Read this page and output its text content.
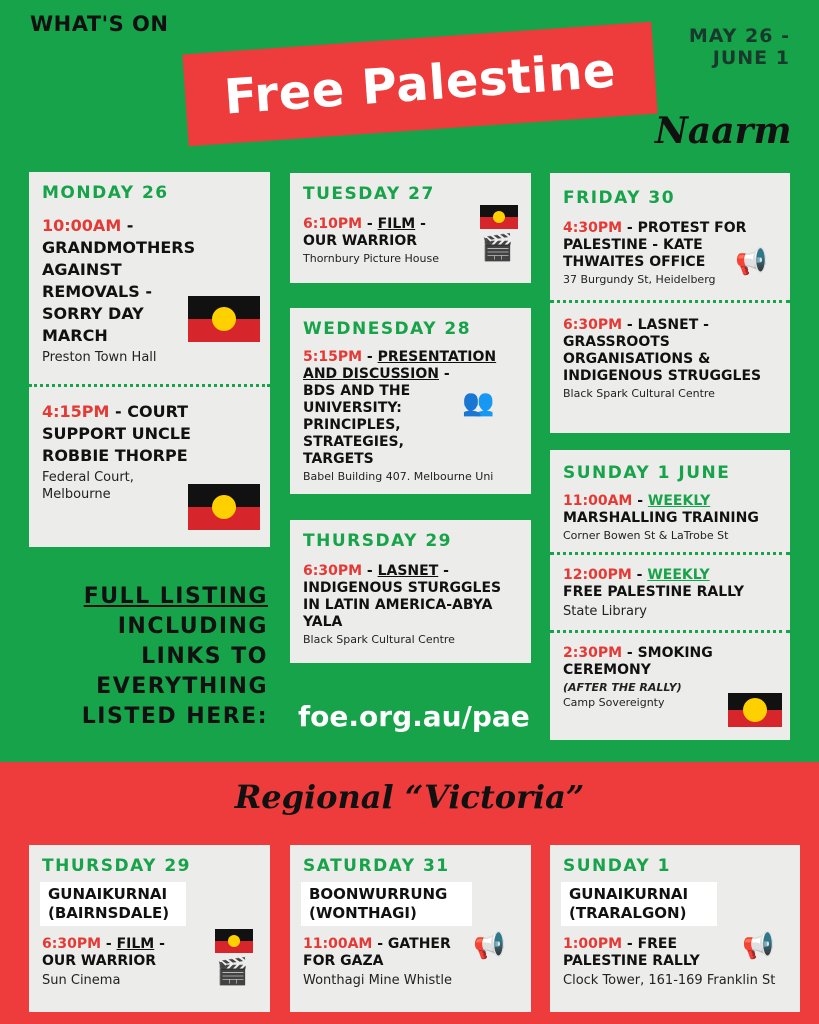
WHAT'S ON	MAY 26 - JUNE 1
Free Palestine
Naarm
MONDAY 26
10:00AM - GRANDMOTHERS AGAINST REMOVALS - SORRY DAY MARCH
Preston Town Hall
4:15PM - COURT SUPPORT UNCLE ROBBIE THORPE
Federal Court, Melbourne
TUESDAY 27
6:10PM - FILM -
OUR WARRIOR
Thornbury Picture House	🎬
WEDNESDAY 28
5:15PM - PRESENTATION AND DISCUSSION -
BDS AND THE UNIVERSITY: PRINCIPLES, STRATEGIES, TARGETS
Babel Building 407. Melbourne Uni
👥
THURSDAY 29
6:30PM - LASNET - INDIGENOUS STURGGLES IN LATIN AMERICA-ABYA YALA
Black Spark Cultural Centre
FRIDAY 30
4:30PM - PROTEST FOR PALESTINE - KATE THWAITES OFFICE
37 Burgundy St, Heidelberg
📢
6:30PM - LASNET - GRASSROOTS ORGANISATIONS & INDIGENOUS STRUGGLES
Black Spark Cultural Centre
SUNDAY 1 JUNE
11:00AM - WEEKLY
MARSHALLING TRAINING
Corner Bowen St & LaTrobe St
12:00PM - WEEKLY
FREE PALESTINE RALLY
State Library
2:30PM - SMOKING CEREMONY
(AFTER THE RALLY)
Camp Sovereignty
FULL LISTING
INCLUDING
LINKS TO
EVERYTHING
LISTED HERE: foe.org.au/pae
Regional “Victoria”
THURSDAY 29
GUNAIKURNAI (BAIRNSDALE)
6:30PM - FILM -
OUR WARRIOR
Sun Cinema	🎬
SATURDAY 31
BOONWURRUNG (WONTHAGI)
11:00AM - GATHER FOR GAZA
Wonthagi Mine Whistle
📢
SUNDAY 1
GUNAIKURNAI (TRARALGON)
1:00PM - FREE PALESTINE RALLY
Clock Tower, 161-169 Franklin St
📢
